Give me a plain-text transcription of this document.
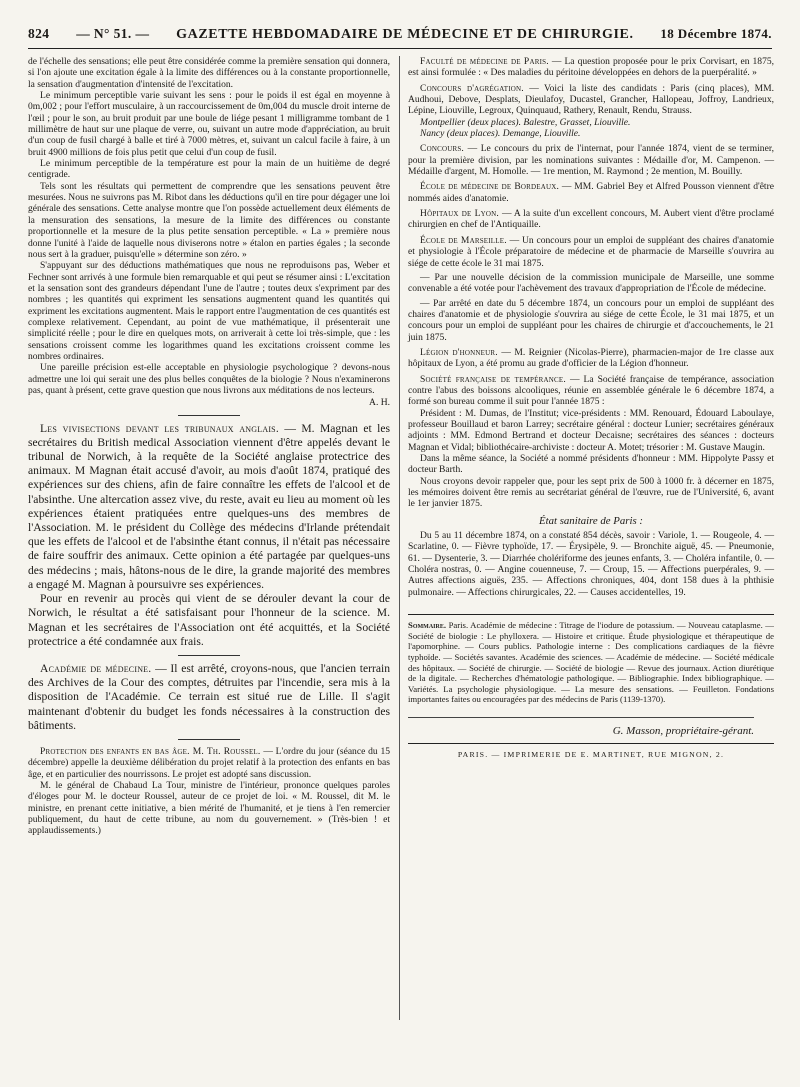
824 — N° 51. — GAZETTE HEBDOMADAIRE DE MÉDECINE ET DE CHIRURGIE. 18 Décembre 1874.

de l'échelle des sensations; elle peut être considérée comme la première sensation qui donnera, si l'on ajoute une excitation égale à la limite des différences ou à la constante proportionnelle, la sensation d'augmentation d'intensité de l'excitation.

Le minimum perceptible varie suivant les sens : pour le poids il est égal en moyenne à 0m,002 ; pour l'effort musculaire, à un raccourcissement de 0m,004 du muscle droit interne de l'œil ; pour le son, au bruit produit par une boule de liége pesant 1 milligramme tombant de 1 millimètre de haut sur une plaque de verre, ou, suivant un autre mode d'appréciation, au bruit d'un coup de fusil chargé à balle et tiré à 7000 mètres, et, suivant un calcul facile à faire, à un bruit 4900 millions de fois plus petit que celui d'un coup de fusil.

Le minimum perceptible de la température est pour la main de un huitième de degré centigrade.

Tels sont les résultats qui permettent de comprendre que les sensations peuvent être mesurées. Nous ne suivrons pas M. Ribot dans les déductions qu'il en tire pour dégager une loi générale des sensations. Cette analyse montre que l'on possède actuellement deux éléments de la mensuration des sensations, la mesure de la limite des différences ou constante proportionnelle et la mesure de la plus petite sensation perceptible. « La » première nous donne l'unité à l'aide de laquelle nous diviserons notre » étalon en parties égales ; la seconde nous sert à la graduer, puisqu'elle » détermine son zéro. »

S'appuyant sur des déductions mathématiques que nous ne reproduisons pas, Weber et Fechner sont arrivés à une formule bien remarquable et qui peut se résumer ainsi : L'excitation et la sensation sont des grandeurs dépendant l'une de l'autre ; toutes deux s'expriment par des nombres ; les quantités qui expriment les sensations augmentent quand les quantités qui expriment les excitations augmentent. Mais le rapport entre l'augmentation de ces quantités est complexe relativement. Cependant, au point de vue mathématique, il présenterait une simplicité réelle ; pour le dire en quelques mots, on arriverait à cette loi très-simple, que : les sensations croissent comme les logarithmes quand les excitations croissent comme les nombres ordinaires.

Une pareille précision est-elle acceptable en physiologie psychologique ? devons-nous admettre une loi qui serait une des plus belles conquêtes de la biologie ? Nous n'examinerons pas, quant à présent, cette grave question que nous livrons aux méditations de nos lecteurs.

A. H.

Les vivisections devant les tribunaux anglais. — M. Magnan et les secrétaires du British medical Association viennent d'être appelés devant le tribunal de Norwich, à la requête de la Société anglaise protectrice des animaux. M Magnan était accusé d'avoir, au mois d'août 1874, pratiqué des expériences sur des chiens, afin de faire connaître les effets de l'alcool et de l'absinthe. Une altercation assez vive, du reste, avait eu lieu au moment où les expériences étaient pratiquées entre quelques-uns des membres de l'Association. M. le président du Collège des médecins d'Irlande prétendait que les effets de l'alcool et de l'absinthe étant connus, il n'était pas nécessaire de faire souffrir des animaux. Cette opinion a été partagée par quelques-uns des médecins ; mais, hâtons-nous de le dire, la grande majorité des membres a engagé M. Magnan à poursuivre ses expériences.

Pour en revenir au procès qui vient de se dérouler devant la cour de Norwich, le résultat a été satisfaisant pour l'honneur de la science. M. Magnan et les secrétaires de l'Association ont été acquittés, et la Société protectrice a été condamnée aux frais.

Académie de médecine. — Il est arrêté, croyons-nous, que l'ancien terrain des Archives de la Cour des comptes, détruites par l'incendie, sera mis à la disposition de l'Académie. Ce terrain est situé rue de Lille. Il s'agit maintenant d'obtenir du budget les fonds nécessaires à la construction des bâtiments.

Protection des enfants en bas âge. M. Th. Roussel. — L'ordre du jour (séance du 15 décembre) appelle la deuxième délibération du projet relatif à la protection des enfants en bas âge, et en particulier des nourrissons. Le projet est adopté sans discussion.

M. le général de Chabaud La Tour, ministre de l'intérieur, prononce quelques paroles d'éloges pour M. le docteur Roussel, auteur de ce projet de loi. « M. Roussel, dit M. le ministre, en prenant cette initiative, a bien mérité de l'humanité, et je tiens à l'en remercier publiquement, du haut de cette tribune, au nom du gouvernement. » (Très-bien ! et applaudissements.)

Faculté de médecine de Paris. — La question proposée pour le prix Corvisart, en 1875, est ainsi formulée : « Des maladies du péritoine développées en dehors de la puerpéralité. »

Concours d'agrégation. — Voici la liste des candidats : Paris (cinq places), MM. Audhoui, Debove, Desplats, Dieulafoy, Ducastel, Grancher, Hallopeau, Joffroy, Landrieux, Lépine, Liouville, Legroux, Quinquaud, Rathery, Renault, Rendu, Strauss.

Montpellier (deux places). Balestre, Grasset, Liouville.

Nancy (deux places). Demange, Liouville.

Concours. — Le concours du prix de l'internat, pour l'année 1874, vient de se terminer, pour la première division, par les nominations suivantes : Médaille d'or, M. Campenon. — Médaille d'argent, M. Homolle. — 1re mention, M. Raymond ; 2e mention, M. Bouilly.

École de médecine de Bordeaux. — MM. Gabriel Bey et Alfred Pousson viennent d'être nommés aides d'anatomie.

Hôpitaux de Lyon. — A la suite d'un excellent concours, M. Aubert vient d'être proclamé chirurgien en chef de l'Antiquaille.

École de Marseille. — Un concours pour un emploi de suppléant des chaires d'anatomie et physiologie à l'École préparatoire de médecine et de pharmacie de Marseille s'ouvrira au siége de cette école le 31 mai 1875.

— Par une nouvelle décision de la commission municipale de Marseille, une somme convenable a été votée pour l'achèvement des travaux d'appropriation de l'École de médecine.

— Par arrêté en date du 5 décembre 1874, un concours pour un emploi de suppléant des chaires d'anatomie et de physiologie s'ouvrira au siége de cette École, le 31 mai 1875, et un concours pour un emploi de suppléant pour les chaires de chirurgie et d'accouchements, le 21 juin 1875.

Légion d'honneur. — M. Reignier (Nicolas-Pierre), pharmacien-major de 1re classe aux hôpitaux de Lyon, a été promu au grade d'officier de la Légion d'honneur.

Société française de tempérance. — La Société française de tempérance, association contre l'abus des boissons alcooliques, réunie en assemblée générale le 6 décembre 1874, a formé son bureau comme il suit pour l'année 1875 :

Président : M. Dumas, de l'Institut; vice-présidents : MM. Renouard, Édouard Laboulaye, professeur Bouillaud et baron Larrey; secrétaire général : docteur Lunier; secrétaires généraux adjoints : MM. Edmond Bertrand et docteur Decaisne; secrétaires des séances : docteurs Magnan et Vidal; bibliothécaire-archiviste : docteur A. Motet; trésorier : M. Gustave Maugin.

Dans la même séance, la Société a nommé présidents d'honneur : MM. Hippolyte Passy et docteur Barth.

Nous croyons devoir rappeler que, pour les sept prix de 500 à 1000 fr. à décerner en 1875, les mémoires doivent être remis au secrétariat général de l'œuvre, rue de l'Université, 6, avant le 1er janvier 1875.

État sanitaire de Paris :

Du 5 au 11 décembre 1874, on a constaté 854 décès, savoir : Variole, 1. — Rougeole, 4. — Scarlatine, 0. — Fièvre typhoïde, 17. — Érysipèle, 9. — Bronchite aiguë, 45. — Pneumonie, 61. — Dysenterie, 3. — Diarrhée cholériforme des jeunes enfants, 3. — Choléra infantile, 0. — Choléra nostras, 0. — Angine couenneuse, 7. — Croup, 15. — Affections puerpérales, 9. — Autres affections aiguës, 235. — Affections chroniques, 404, dont 158 dues à la phthisie pulmonaire. — Affections chirurgicales, 22. — Causes accidentelles, 19.

Sommaire. Paris. Académie de médecine : Titrage de l'iodure de potassium. — Nouveau cataplasme. — Société de biologie : Le phylloxera. — Histoire et critique. Étude physiologique et thérapeutique de l'apomorphine. — Cours publics. Pathologie interne : Des complications cardiaques de la fièvre typhoïde. — Sociétés savantes. Académie des sciences. — Académie de médecine. — Société médicale des hôpitaux. — Société de chirurgie. — Société de biologie — Revue des journaux. Action diurétique de la digitale. — Recherches d'hématologie pathologique. — Bibliographie. Index bibliographique. — Variétés. La psychologie physiologique. — La mesure des sensations. — Feuilleton. Fondations importantes faites ou encouragées par des médecins de Paris (1139-1370).
G. Masson, propriétaire-gérant.
PARIS. — IMPRIMERIE DE E. MARTINET, RUE MIGNON, 2.
